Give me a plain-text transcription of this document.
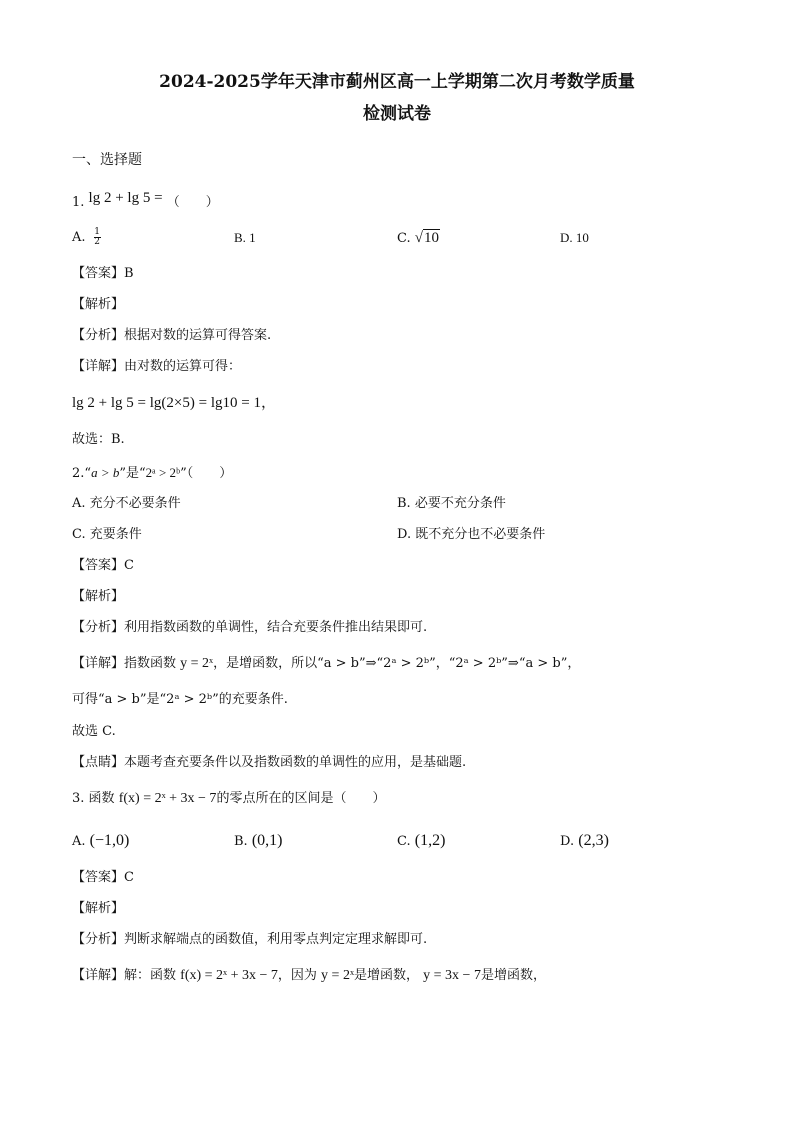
2024-2025学年天津市蓟州区高一上学期第二次月考数学质量
检测试卷
一、选择题
1. lg 2 + lg 5 = （　　）
A. $\frac{1}{2}$	B. 1	C. √10	D. 10
【答案】B
【解析】
【分析】根据对数的运算可得答案.
【详解】由对数的运算可得：
lg 2 + lg 5 = lg(2×5) = lg10 = 1，
故选：B.
2.“a > b”是“2ᵃ > 2ᵇ”（　　）
A. 充分不必要条件	B. 必要不充分条件
C. 充要条件	D. 既不充分也不必要条件
【答案】C
【解析】
【分析】利用指数函数的单调性，结合充要条件推出结果即可.
【详解】指数函数 y = 2ˣ，是增函数，所以“a > b”⇒“2ᵃ > 2ᵇ”，“2ᵃ > 2ᵇ”⇒“a > b”，
可得“a > b”是“2ᵃ > 2ᵇ”的充要条件.
故选 C.
【点睛】本题考查充要条件以及指数函数的单调性的应用，是基础题.
3. 函数 f(x) = 2ˣ + 3x − 7的零点所在的区间是（　　）
A. (−1,0)	B. (0,1)	C. (1,2)	D. (2,3)
【答案】C
【解析】
【分析】判断求解端点的函数值，利用零点判定定理求解即可.
【详解】解：函数 f(x) = 2ˣ + 3x − 7，因为 y = 2ˣ是增函数， y = 3x − 7是增函数，
